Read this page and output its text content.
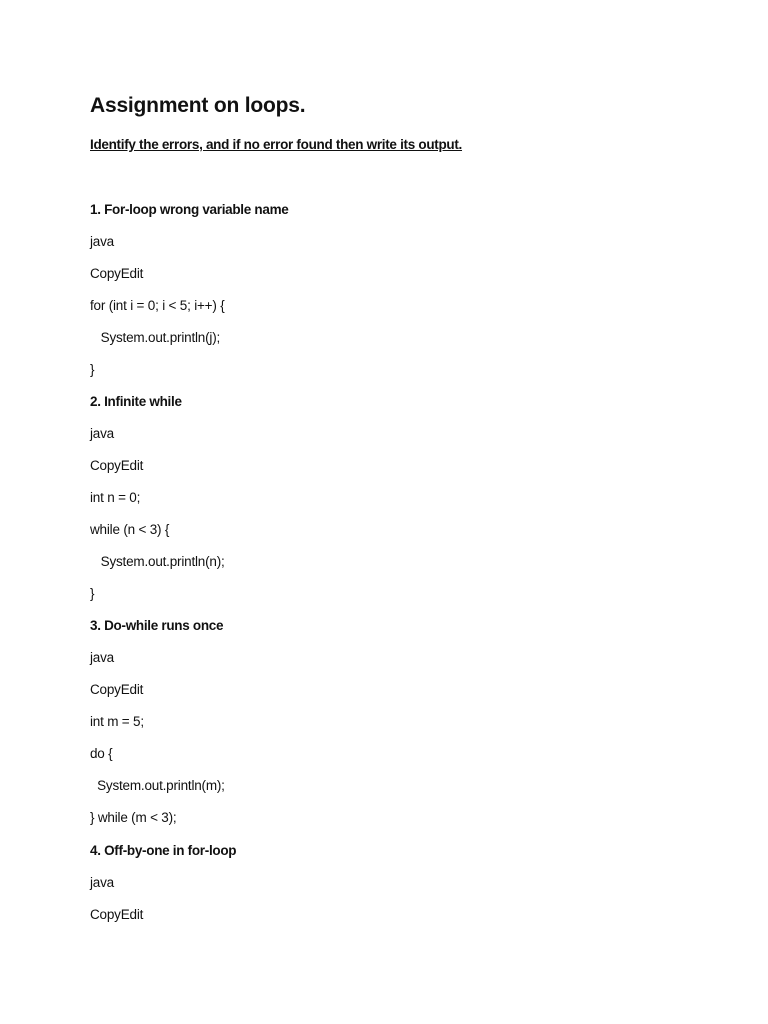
Assignment on loops.
Identify the errors, and if no error found then write its output.
1. For-loop wrong variable name
java
CopyEdit
for (int i = 0; i < 5; i++) {
System.out.println(j);
}
2. Infinite while
java
CopyEdit
int n = 0;
while (n < 3) {
System.out.println(n);
}
3. Do-while runs once
java
CopyEdit
int m = 5;
do {
System.out.println(m);
} while (m < 3);
4. Off-by-one in for-loop
java
CopyEdit
